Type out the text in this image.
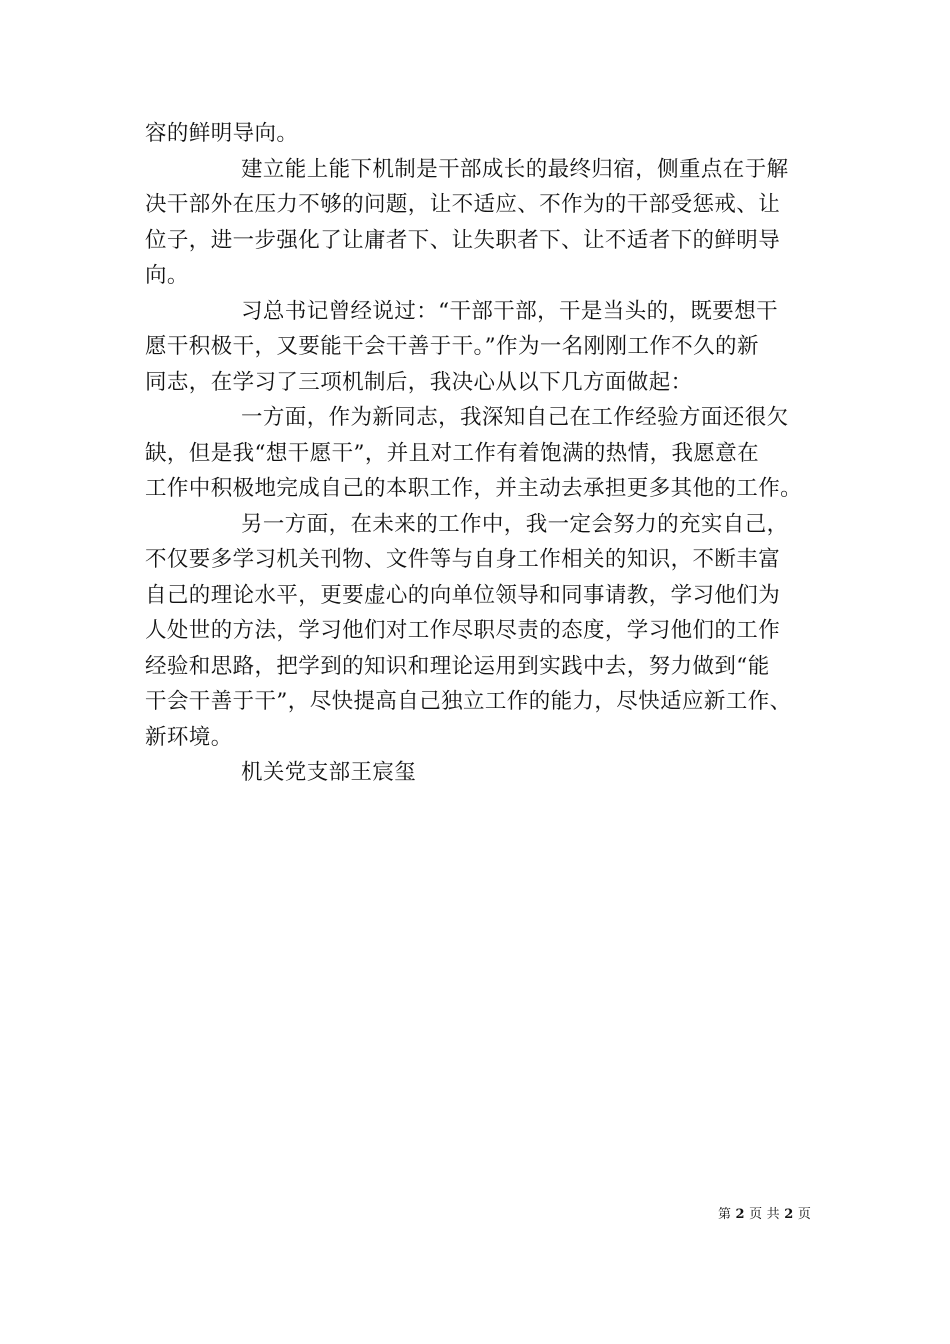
容的鲜明导向。

建立能上能下机制是干部成长的最终归宿，侧重点在于解
决干部外在压力不够的问题，让不适应、不作为的干部受惩戒、让
位子，进一步强化了让庸者下、让失职者下、让不适者下的鲜明导
向。

习总书记曾经说过：“干部干部，干是当头的，既要想干
愿干积极干，又要能干会干善于干。”作为一名刚刚工作不久的新
同志，在学习了三项机制后，我决心从以下几方面做起：

一方面，作为新同志，我深知自己在工作经验方面还很欠
缺，但是我“想干愿干”，并且对工作有着饱满的热情，我愿意在
工作中积极地完成自己的本职工作，并主动去承担更多其他的工作。

另一方面，在未来的工作中，我一定会努力的充实自己，
不仅要多学习机关刊物、文件等与自身工作相关的知识，不断丰富
自己的理论水平，更要虚心的向单位领导和同事请教，学习他们为
人处世的方法，学习他们对工作尽职尽责的态度，学习他们的工作
经验和思路，把学到的知识和理论运用到实践中去，努力做到“能
干会干善于干”，尽快提高自己独立工作的能力，尽快适应新工作、
新环境。

机关党支部王宸玺

第 2 页 共 2 页
